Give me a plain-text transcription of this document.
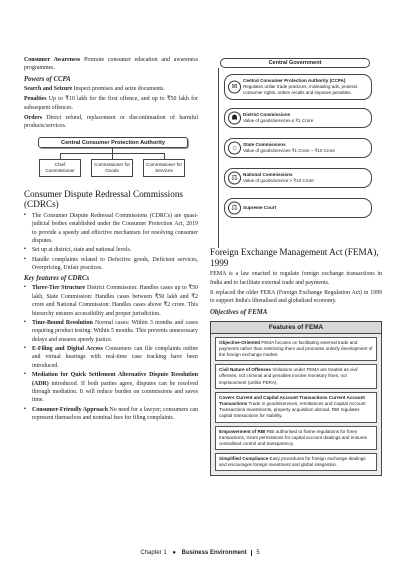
Consumer Awareness Promote consumer education and awareness programmes.

Powers of CCPA

Search and Seizure Inspect premises and seize documents.

Penalties Up to ₹10 lakh for the first offence, and up to ₹50 lakh for subsequent offences.

Orders Direct refund, replacement or discontinuation of harmful products/services.

Central Consumer Protection Authority
Chief Commissioner
Commissioner for Goods
Commissioner for Services
Consumer Dispute Redressal Commissions (CDRCs)
▪ The Consumer Dispute Redressal Commissions (CDRCs) are quasi-judicial bodies established under the Consumer Protection Act, 2019 to provide a speedy and effective mechanism for resolving consumer disputes.
▪ Set up at district, state and national levels.
▪ Handle complaints related to Defective goods, Deficient services, Overpricing, Unfair practices.
Key features of CDRCs
▪ Three-Tier Structure District Commission: Handles cases up to ₹50 lakh, State Commission: Handles cases between ₹50 lakh and ₹2 crore and National Commission: Handles cases above ₹2 crore. This hierarchy ensures accessibility and proper jurisdiction.
▪ Time-Bound Resolution Normal cases: Within 3 months and cases requiring product testing: Within 5 months. This prevents unnecessary delays and ensures speedy justice.
▪ E-Filing and Digital Access Consumers can file complaints online and virtual hearings with real-time case tracking have been introduced.
▪ Mediation for Quick Settlement Alternative Dispute Resolution (ADR) introduced. If both parties agree, disputes can be resolved through mediation. It will reduce burden on commissions and saves time.
▪ Consumer-Friendly Approach No need for a lawyer; consumers can represent themselves and nominal fees for filing complaints.
Central Government
✉
Central Consumer Protection Authority (CCPA)
Regulates unfair trade practices, misleading ads, protects consumer rights, orders recalls and imposes penalties.
☗	District Commissions
Value of goods/services ≤ ₹1 Crore
⌂	State Commissions
Value of goods/services ₹1 Crore – ₹10 Crore
⚖	National Commissions
Value of goods/service > ₹10 Crore
⚖	Supreme Court
Foreign Exchange Management Act (FEMA), 1999

FEMA is a law enacted to regulate foreign exchange transactions in India and to facilitate external trade and payments.

It replaced the older FERA (Foreign Exchange Regulation Act) in 1999 to support India's liberalised and globalised economy.

Objectives of FEMA
Features of FEMA
Objective-Oriented FEMA focuses on facilitating external trade and payments rather than restricting them and promotes orderly development of the foreign exchange market.
Civil Nature of Offenses Violations under FEMA are treated as civil offenses, not criminal and penalties involve monetary fines, not imprisonment (unlike FERA).
Covers Current and Capital Account Transactions Current Account Transactions Trade in goods/services, remittances and Capital Account Transactions Investments, property acquisition abroad. RBI regulates capital transactions for stability.
Empowerment of RBI RBI authorised to frame regulations for forex transactions, Grant permissions for capital account dealings and ensures centralised control and transparency.
Simplified Compliance Easy procedures for foreign exchange dealings and encourages foreign investment and global integration.
Chapter 1 ● Business Environment 5
